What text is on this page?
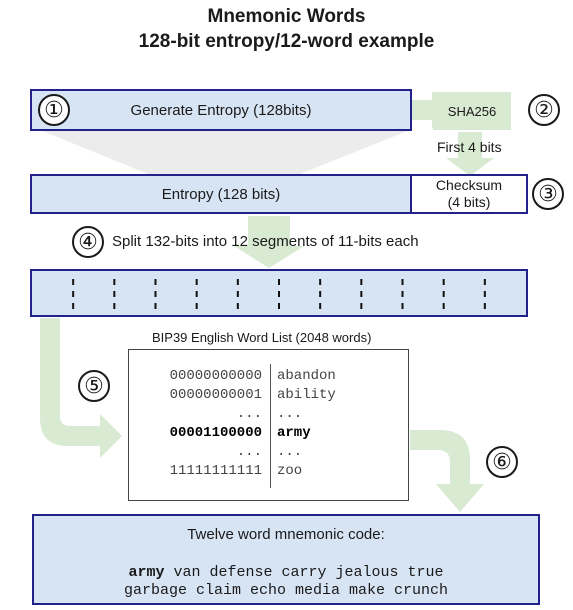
Mnemonic Words
128-bit entropy/12-word example
Generate Entropy (128bits)
①	SHA256 ②
First 4 bits
Entropy (128 bits)
Checksum
(4 bits) ③
④ Split 132-bits into 12 segments of 11-bits each
BIP39 English Word List (2048 words)
00000000000 abandon
00000000001 ability
... ...
00001100000 army
... ...
11111111111 zoo
⑤
⑥
Twelve word mnemonic code:
army van defense carry jealous true
garbage claim echo media make crunch
